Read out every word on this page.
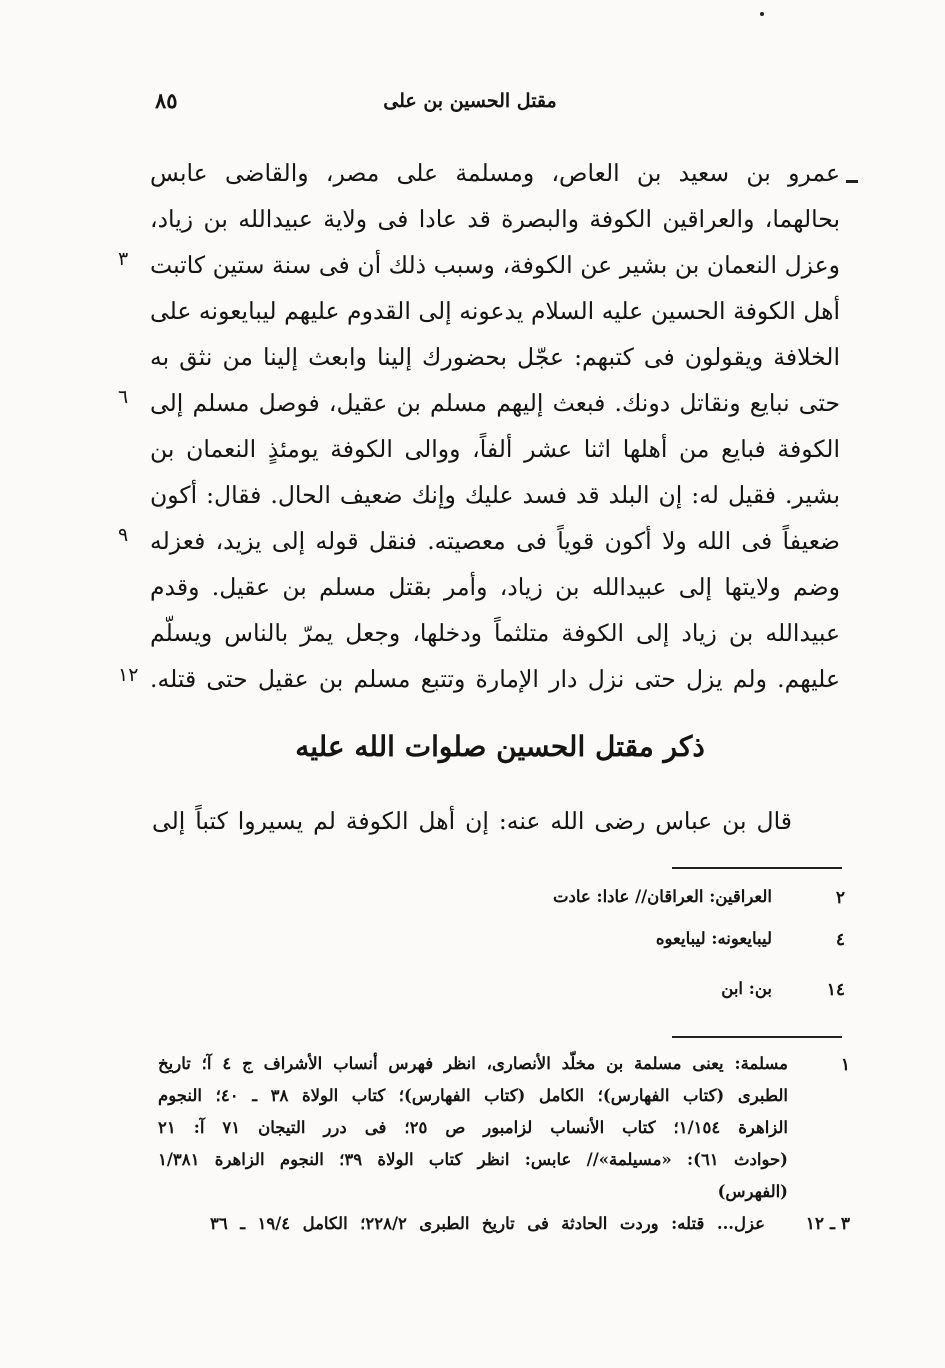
٨٥	مقتل الحسين بن على
عمرو بن سعيد بن العاص، ومسلمة على مصر، والقاضى عابس
بحالهما، والعراقين الكوفة والبصرة قد عادا فى ولاية عبيدالله بن زياد،
وعزل النعمان بن بشير عن الكوفة، وسبب ذلك أن فى سنة ستين كاتبت
أهل الكوفة الحسين عليه السلام يدعونه إلى القدوم عليهم ليبايعونه على
الخلافة ويقولون فى كتبهم: عجّل بحضورك إلينا وابعث إلينا من نثق به
حتى نبايع ونقاتل دونك. فبعث إليهم مسلم بن عقيل، فوصل مسلم إلى
الكوفة فبايع من أهلها اثنا عشر ألفاً، ووالى الكوفة يومئذٍ النعمان بن
بشير. فقيل له: إن البلد قد فسد عليك وإنك ضعيف الحال. فقال: أكون
ضعيفاً فى الله ولا أكون قوياً فى معصيته. فنقل قوله إلى يزيد، فعزله
وضم ولايتها إلى عبيدالله بن زياد، وأمر بقتل مسلم بن عقيل. وقدم
عبيدالله بن زياد إلى الكوفة متلثماً ودخلها، وجعل يمرّ بالناس ويسلّم
عليهم. ولم يزل حتى نزل دار الإمارة وتتبع مسلم بن عقيل حتى قتله.
٣
٦
٩
١٢
ذكر مقتل الحسين صلوات الله عليه
قال بن عباس رضى الله عنه: إن أهل الكوفة لم يسيروا كتباً إلى
٢
العراقين: العراقان// عادا: عادت
٤
ليبايعونه: ليبايعوه
١٤
بن: ابن
١
مسلمة: يعنى مسلمة بن مخلّد الأنصارى، انظر فهرس أنساب الأشراف ج ٤ آ؛ تاريخ
الطبرى (كتاب الفهارس)؛ الكامل (كتاب الفهارس)؛ كتاب الولاة ٣٨ ـ ٤٠؛ النجوم
الزاهرة ١/١٥٤؛ كتاب الأنساب لزامبور ص ٢٥؛ فى درر التيجان ٧١ آ: ٢١
(حوادث ٦١): «مسيلمة»// عابس: انظر كتاب الولاة ٣٩؛ النجوم الزاهرة ١/٣٨١
(الفهرس)
٣ ـ ١٢
عزل... قتله: وردت الحادثة فى تاريخ الطبرى ٢٢٨/٢؛ الكامل ١٩/٤ ـ ٣٦
